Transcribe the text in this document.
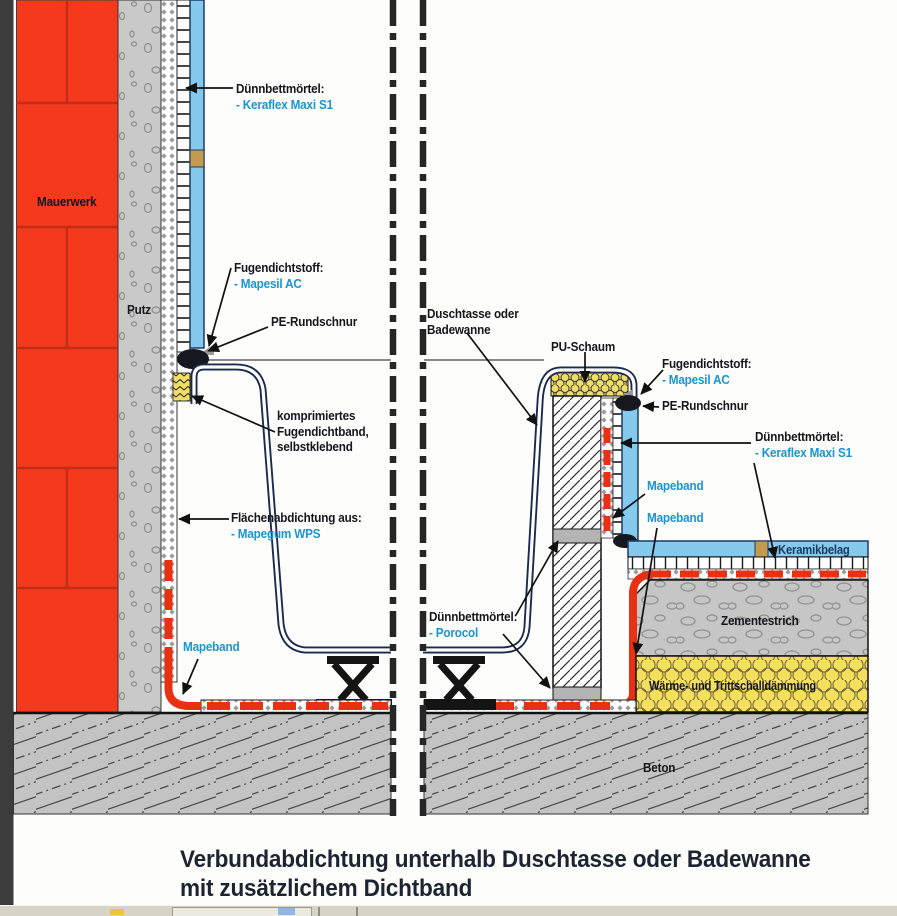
Mauerwerk
Putz
Dünnbettmörtel:
- Keraflex Maxi S1
Fugendichtstoff:
- Mapesil AC
PE-Rundschnur
komprimiertes
Fugendichtband,
selbstklebend
Flächenabdichtung aus:
- Mapegum WPS
Mapeband
Duschtasse oder
Badewanne
PU-Schaum
Fugendichtstoff:
- Mapesil AC
PE-Rundschnur
Dünnbettmörtel:
- Keraflex Maxi S1
Mapeband
Mapeband
Dünnbettmörtel:
- Porocol
Keramikbelag
Zementestrich
Wärme- und Trittschalldämmung
Beton
Verbundabdichtung unterhalb Duschtasse oder Badewanne
mit zusätzlichem Dichtband
